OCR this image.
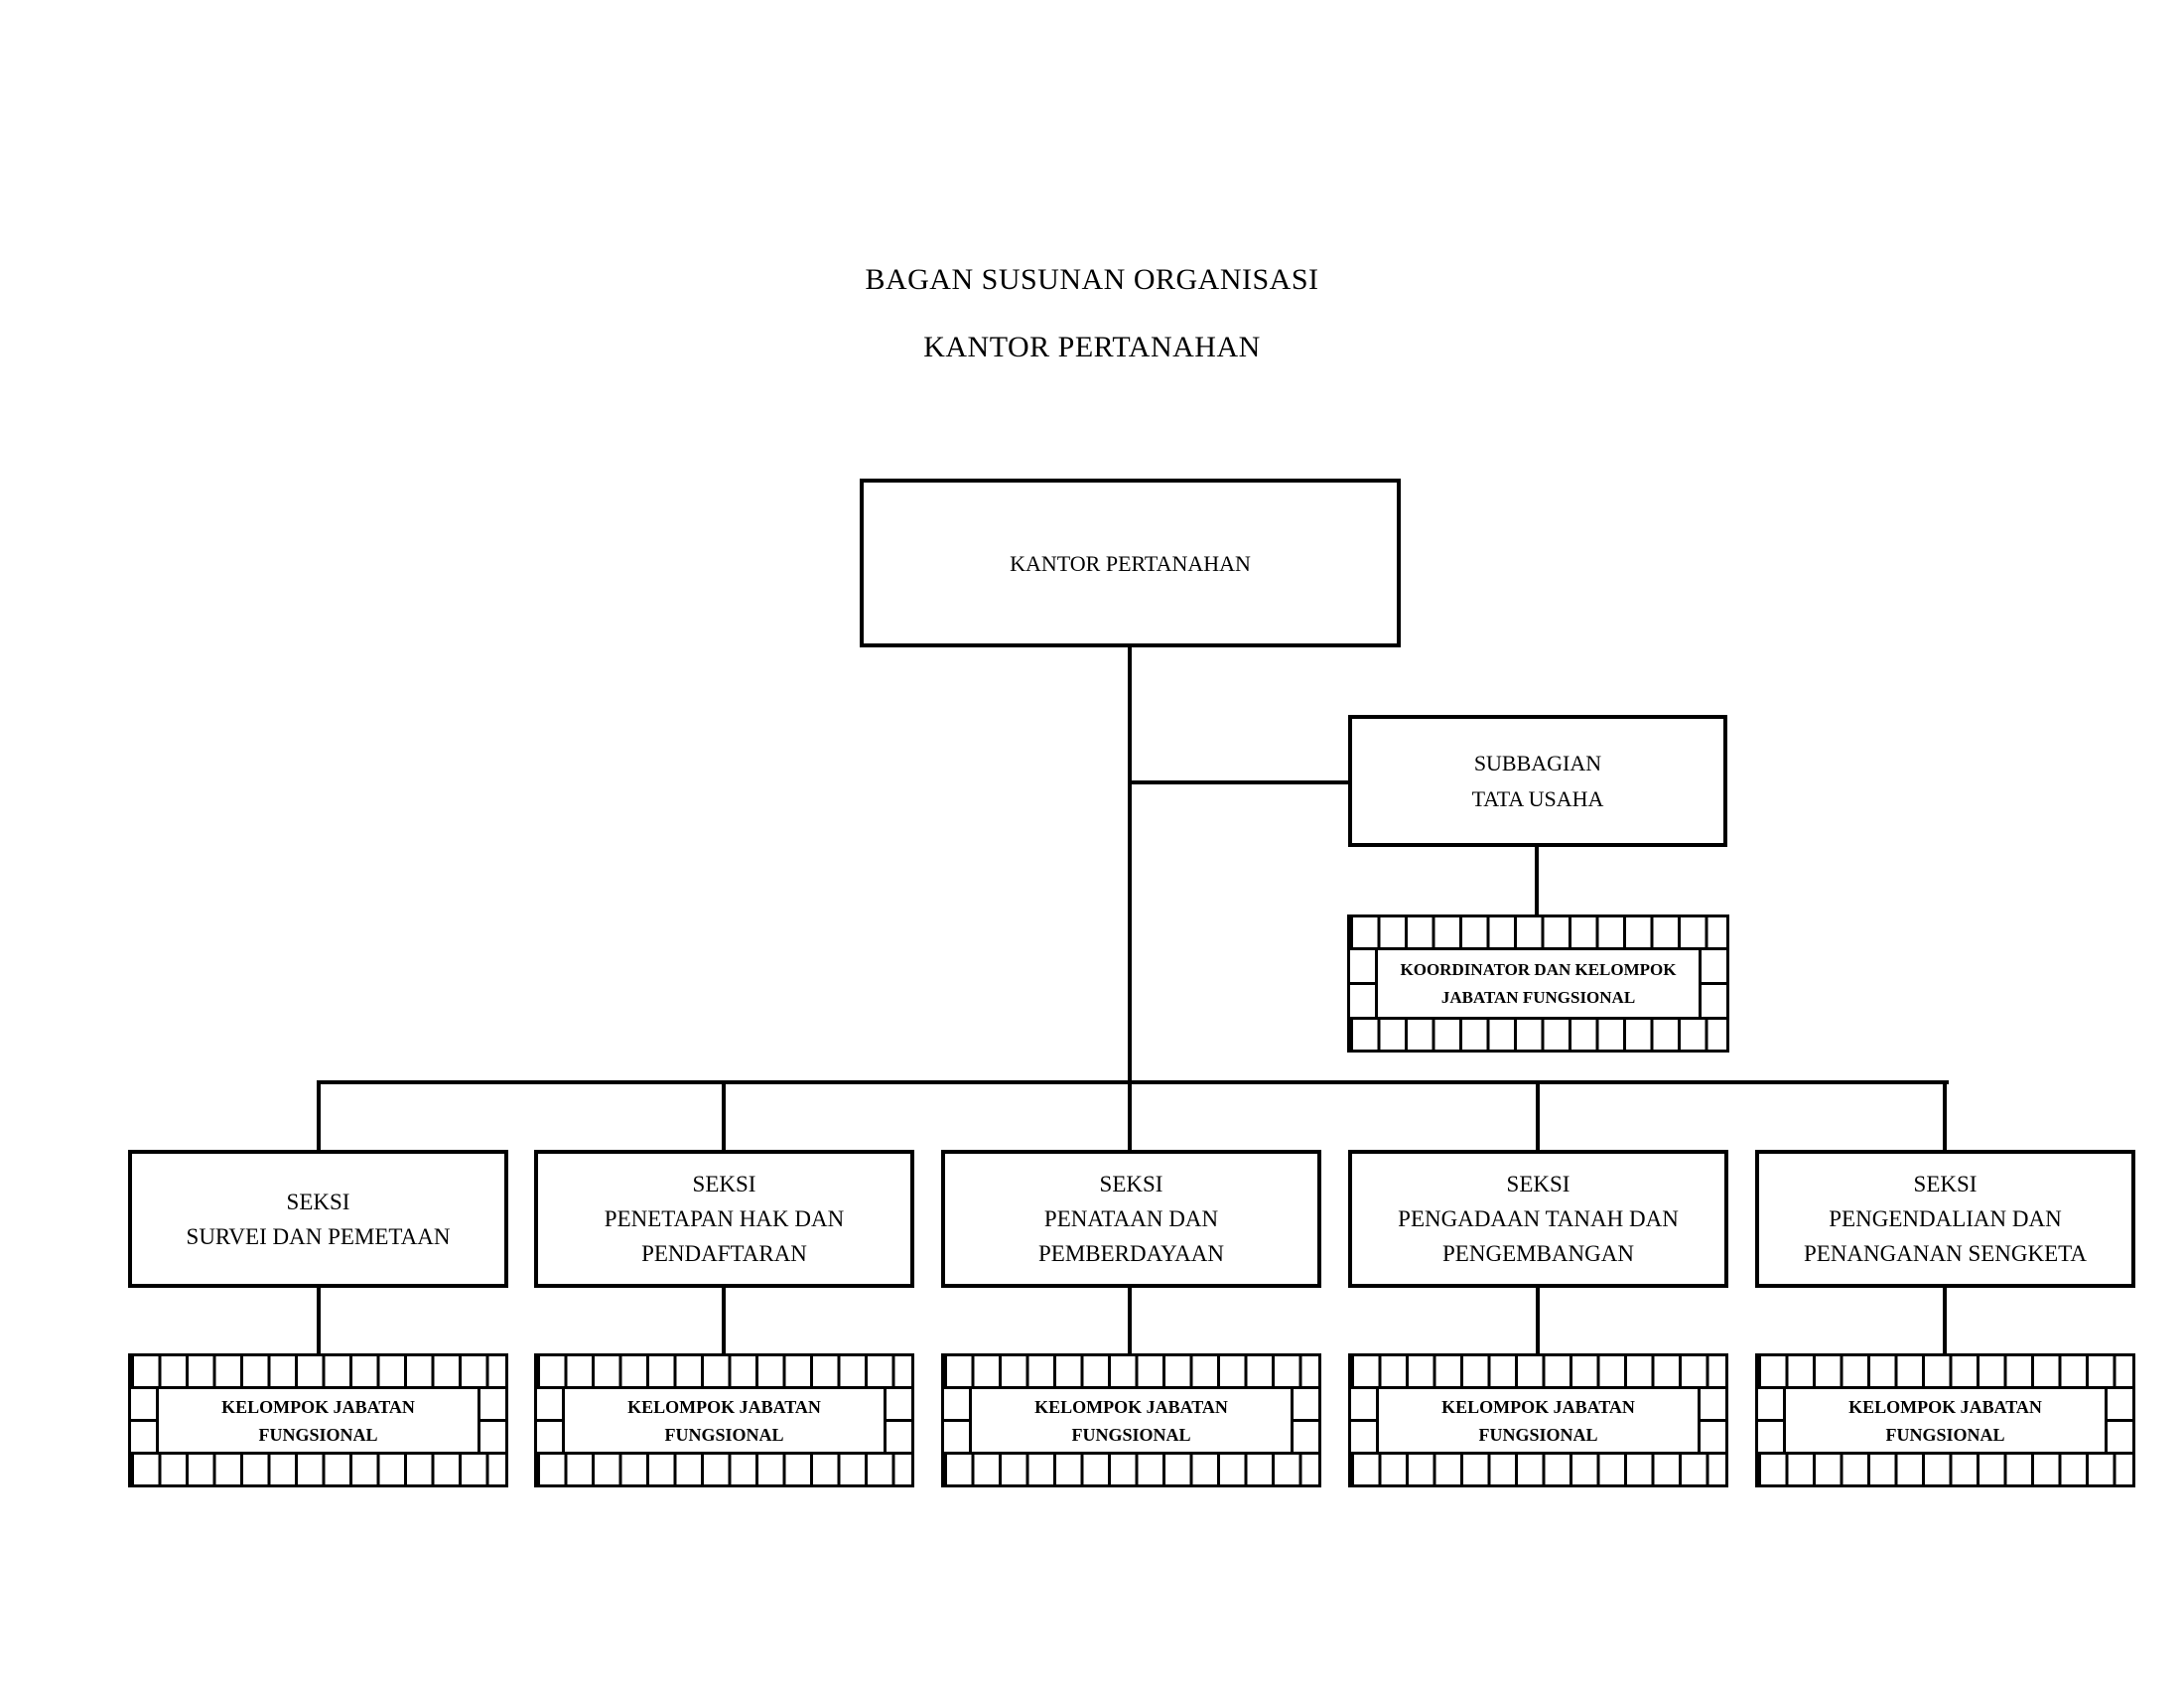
BAGAN SUSUNAN ORGANISASI
KANTOR PERTANAHAN
KANTOR PERTANAHAN
SUBBAGIAN
TATA USAHA
KOORDINATOR DAN KELOMPOK
JABATAN FUNGSIONAL
SEKSI
SURVEI DAN PEMETAAN
SEKSI
PENETAPAN HAK DAN
PENDAFTARAN
SEKSI
PENATAAN DAN
PEMBERDAYAAN
SEKSI
PENGADAAN TANAH DAN
PENGEMBANGAN
SEKSI
PENGENDALIAN DAN
PENANGANAN SENGKETA
KELOMPOK JABATAN
FUNGSIONAL
KELOMPOK JABATAN
FUNGSIONAL
KELOMPOK JABATAN
FUNGSIONAL
KELOMPOK JABATAN
FUNGSIONAL
KELOMPOK JABATAN
FUNGSIONAL
